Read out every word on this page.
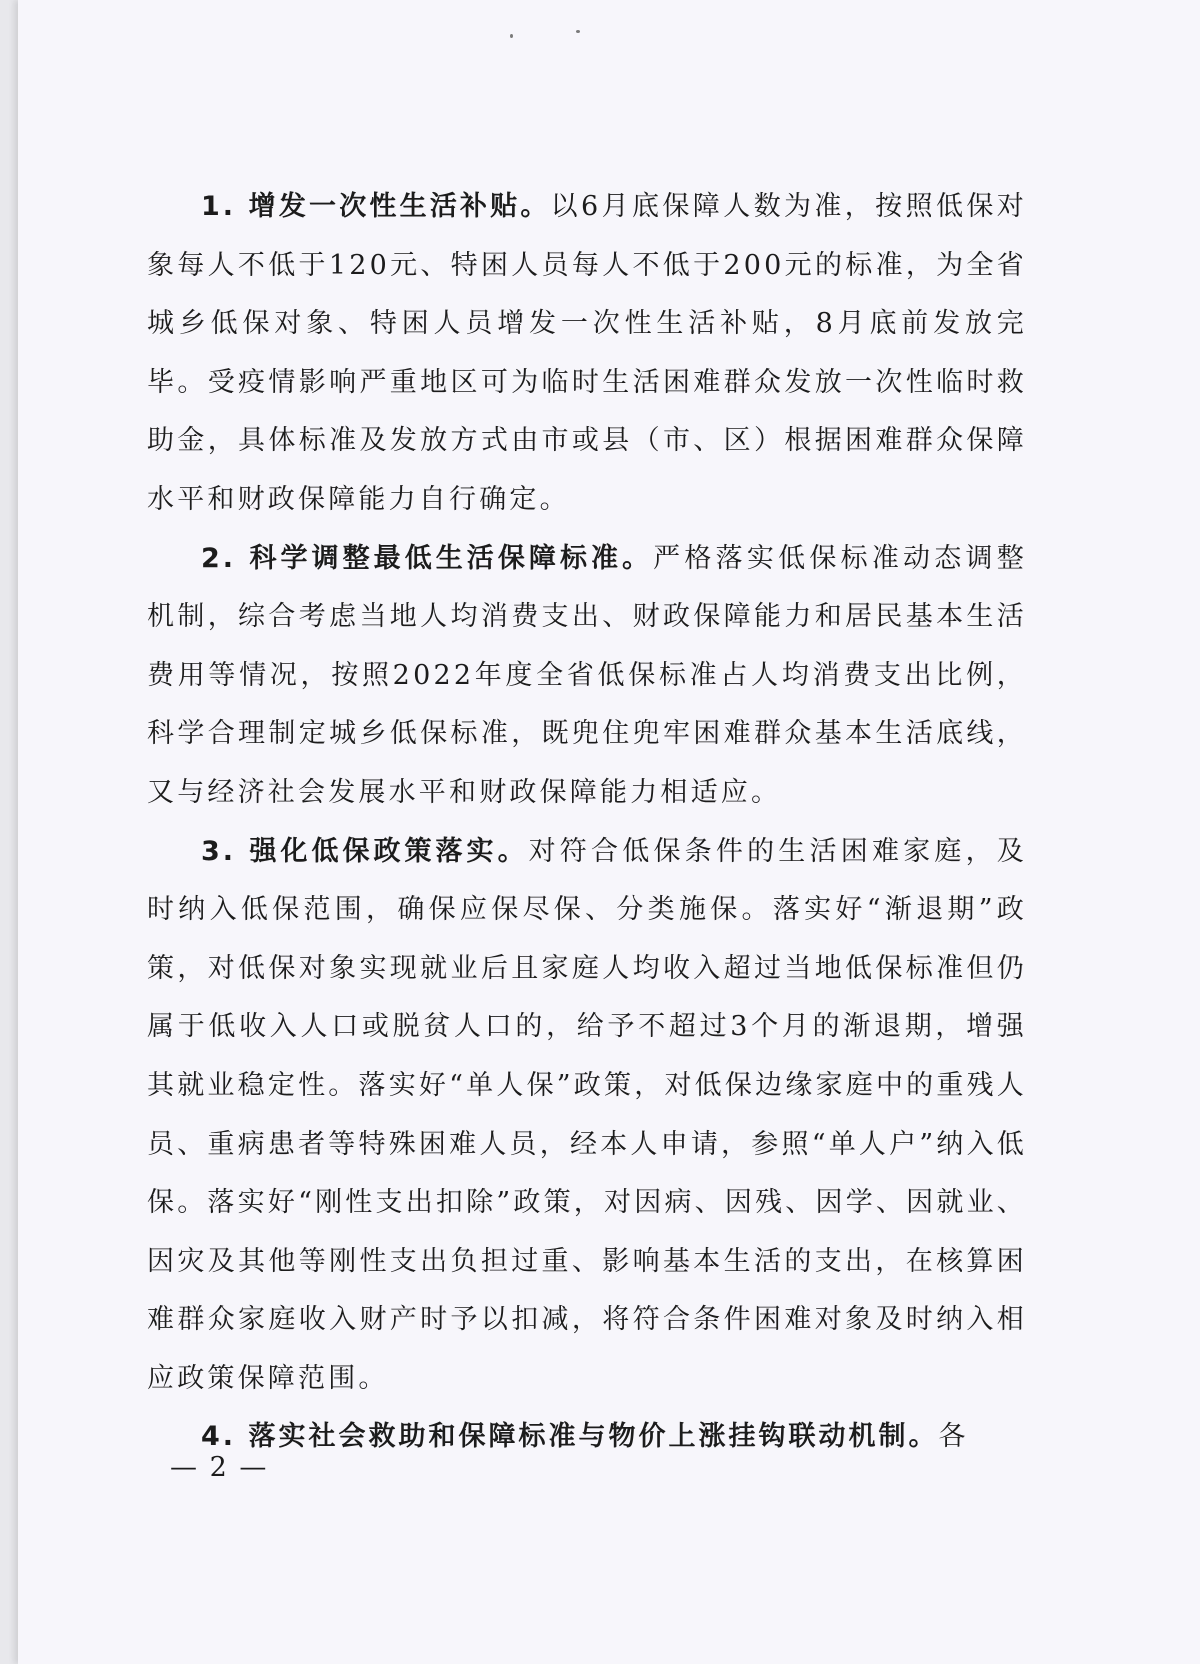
1. 增发一次性生活补贴。以6月底保障人数为准，按照低保对象每人不低于120元、特困人员每人不低于200元的标准，为全省城乡低保对象、特困人员增发一次性生活补贴，8月底前发放完毕。受疫情影响严重地区可为临时生活困难群众发放一次性临时救助金，具体标准及发放方式由市或县（市、区）根据困难群众保障水平和财政保障能力自行确定。

2. 科学调整最低生活保障标准。严格落实低保标准动态调整机制，综合考虑当地人均消费支出、财政保障能力和居民基本生活费用等情况，按照2022年度全省低保标准占人均消费支出比例，科学合理制定城乡低保标准，既兜住兜牢困难群众基本生活底线，又与经济社会发展水平和财政保障能力相适应。

3. 强化低保政策落实。对符合低保条件的生活困难家庭，及时纳入低保范围，确保应保尽保、分类施保。落实好“渐退期”政策，对低保对象实现就业后且家庭人均收入超过当地低保标准但仍属于低收入人口或脱贫人口的，给予不超过3个月的渐退期，增强其就业稳定性。落实好“单人保”政策，对低保边缘家庭中的重残人员、重病患者等特殊困难人员，经本人申请，参照“单人户”纳入低保。落实好“刚性支出扣除”政策，对因病、因残、因学、因就业、因灾及其他等刚性支出负担过重、影响基本生活的支出，在核算困难群众家庭收入财产时予以扣减，将符合条件困难对象及时纳入相应政策保障范围。

4. 落实社会救助和保障标准与物价上涨挂钩联动机制。各

— 2 —
